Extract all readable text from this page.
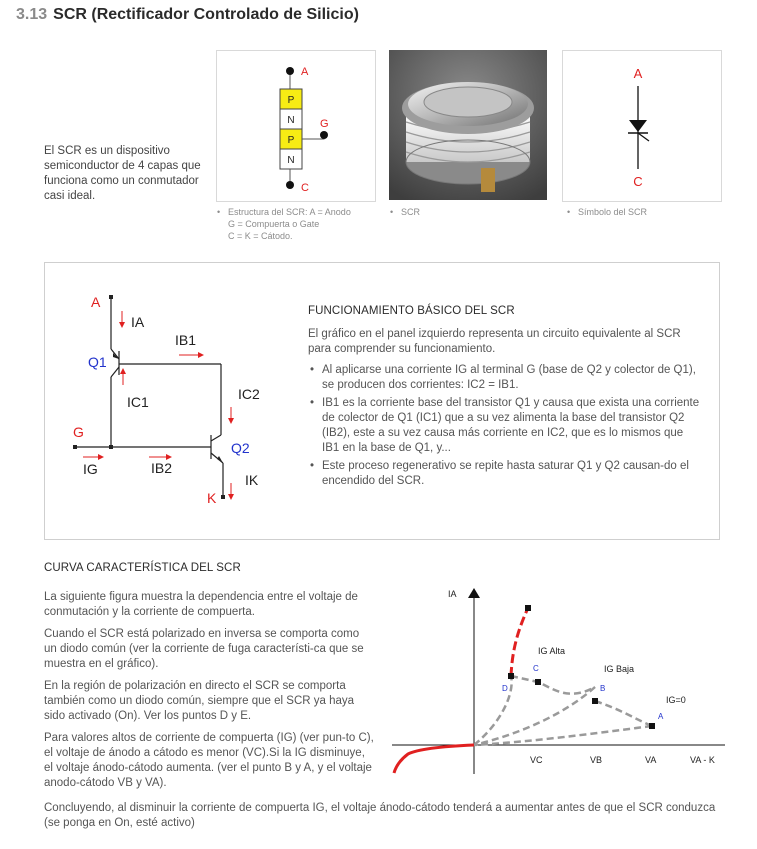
3.13 SCR (Rectificador Controlado de Silicio)
El SCR es un dispositivo semiconductor de 4 capas que funciona como un conmutador casi ideal.
A
P
N
P
N
G
C
• Estructura del SCR: A = Anodo
G = Compuerta o Gate
C = K = Cátodo.
• SCR
A
C
• Símbolo del SCR
A
IA
IB1
Q1
IC1	IC2
G
Q2
IG	IB2
IK
K
FUNCIONAMIENTO BÁSICO DEL SCR
El gráfico en el panel izquierdo representa un circuito equivalente al SCR para comprender su funcionamiento.
• Al aplicarse una corriente IG al terminal G (base de Q2 y colector de Q1), se producen dos corrientes: IC2 = IB1.
• IB1 es la corriente base del transistor Q1 y causa que exista una corriente de colector de Q1 (IC1) que a su vez alimenta la base del transistor Q2 (IB2), este a su vez causa más corriente en IC2, que es lo mismos que IB1 en la base de Q1, y...
• Este proceso regenerativo se repite hasta saturar Q1 y Q2 causan-do el encendido del SCR.
CURVA CARACTERÍSTICA DEL SCR
La siguiente figura muestra la dependencia entre el voltaje de conmutación y la corriente de compuerta.
Cuando el SCR está polarizado en inversa se comporta como un diodo común (ver la corriente de fuga característi-ca que se muestra en el gráfico).
En la región de polarización en directo el SCR se comporta también como un diodo común, siempre que el SCR ya haya sido activado (On). Ver los puntos D y E.
Para valores altos de corriente de compuerta (IG) (ver pun-to C), el voltaje de ánodo a cátodo es menor (VC).Si la IG disminuye, el voltaje ánodo-cátodo aumenta. (ver el punto B y A, y el voltaje anodo-cátodo VB y VA).
IA
VA - K
VC	VB	VA
IG Alta
IG Baja
IG=0
A
B
C
D
Concluyendo, al disminuir la corriente de compuerta IG, el voltaje ánodo-cátodo tenderá a aumentar antes de que el SCR conduzca (se ponga en On, esté activo)
